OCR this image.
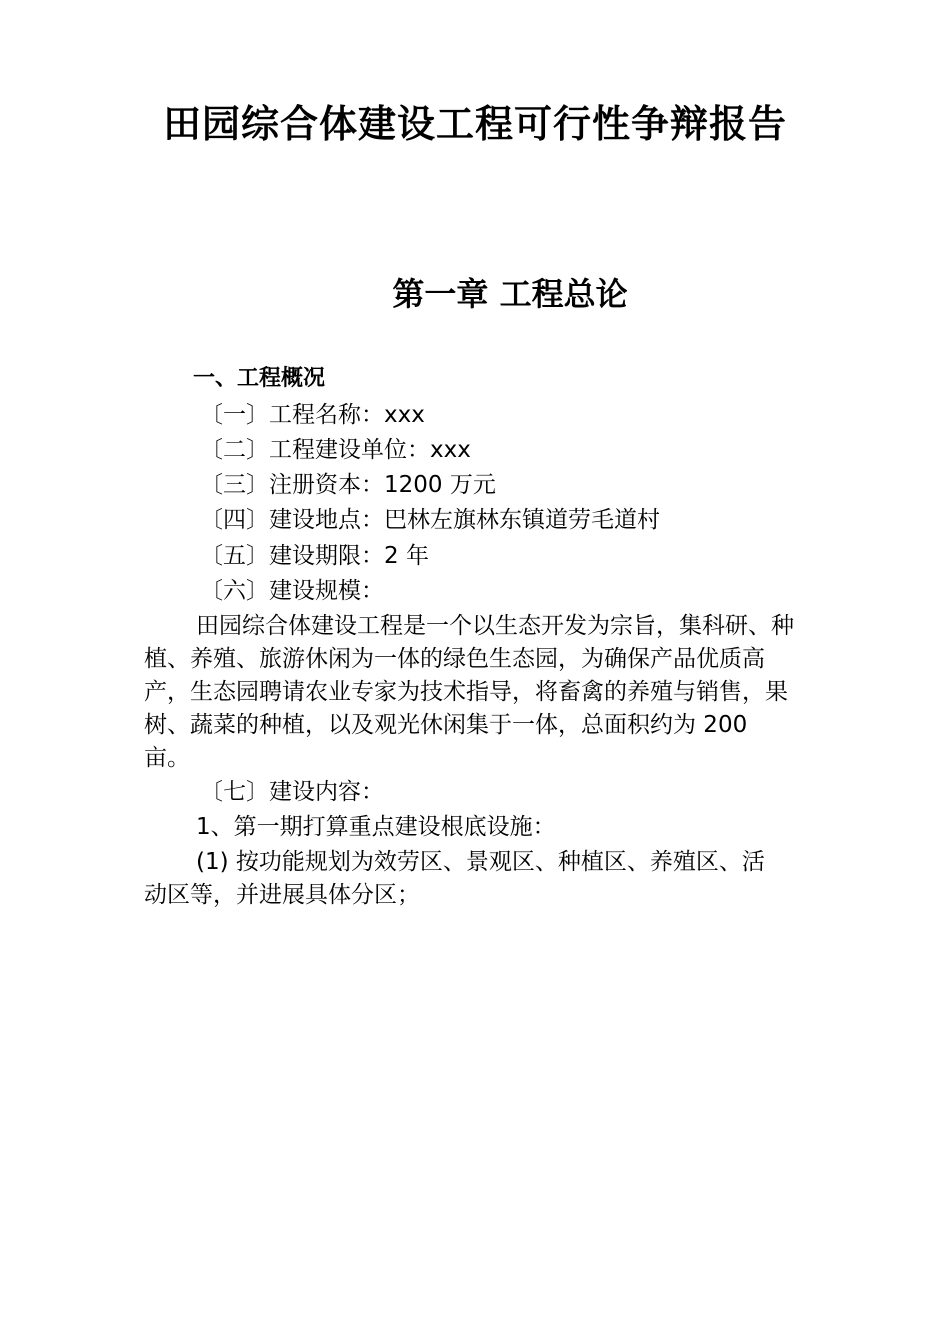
田园综合体建设工程可行性争辩报告
第一章 工程总论
一、工程概况
〔一〕工程名称：xxx
〔二〕工程建设单位：xxx
〔三〕注册资本：1200 万元
〔四〕建设地点：巴林左旗林东镇道劳毛道村
〔五〕建设期限：2 年
〔六〕建设规模：

田园综合体建设工程是一个以生态开发为宗旨，集科研、种植、养殖、旅游休闲为一体的绿色生态园，为确保产品优质高产，生态园聘请农业专家为技术指导，将畜禽的养殖与销售，果树、蔬菜的种植，以及观光休闲集于一体，总面积约为 200 亩。

〔七〕建设内容：
1、第一期打算重点建设根底设施：

(1) 按功能规划为效劳区、景观区、种植区、养殖区、活 动区等，并进展具体分区；
